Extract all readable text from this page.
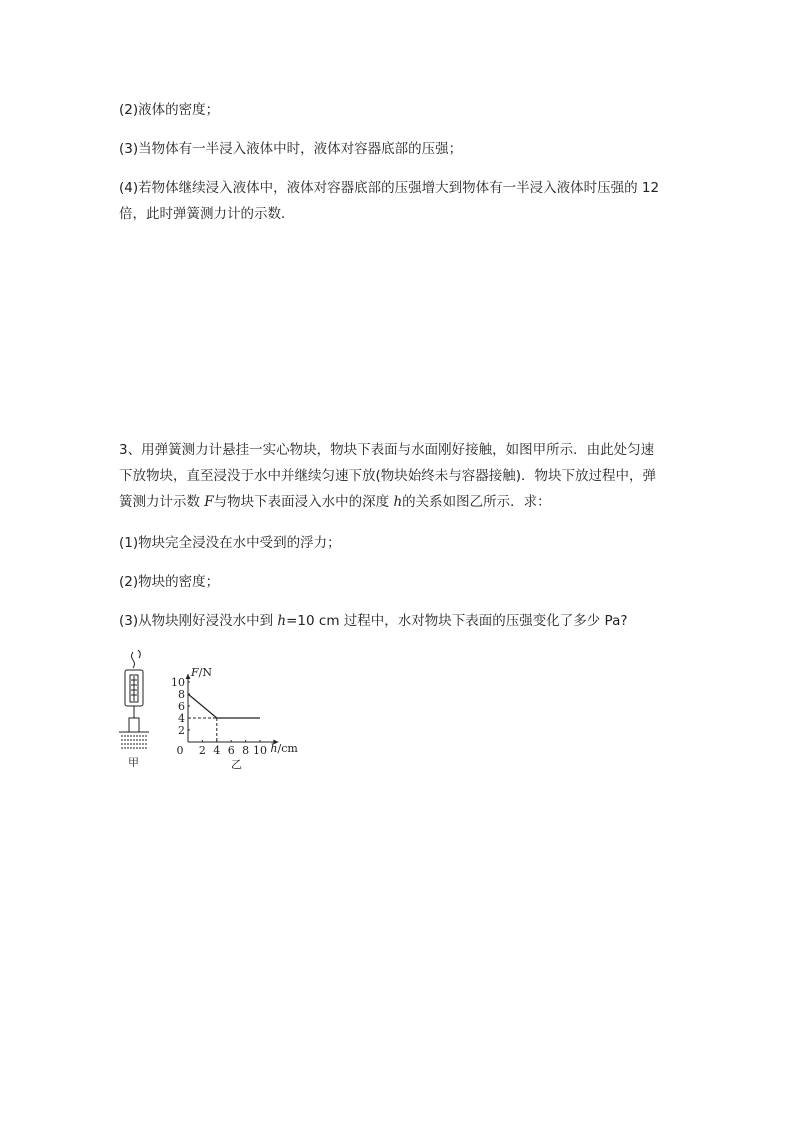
(2)液体的密度；
(3)当物体有一半浸入液体中时，液体对容器底部的压强；
(4)若物体继续浸入液体中，液体对容器底部的压强增大到物体有一半浸入液体时压强的 12
倍，此时弹簧测力计的示数．
3、用弹簧测力计悬挂一实心物块，物块下表面与水面刚好接触，如图甲所示．由此处匀速
下放物块，直至浸没于水中并继续匀速下放(物块始终未与容器接触)．物块下放过程中，弹
簧测力计示数 F与物块下表面浸入水中的深度 h的关系如图乙所示．求：
(1)物块完全浸没在水中受到的浮力；
(2)物块的密度；
(3)从物块刚好浸没水中到 h=10 cm 过程中，水对物块下表面的压强变化了多少 Pa?
甲
F/N
h/cm
2
4
6
8
10
0 2 4 6 8 10
乙
